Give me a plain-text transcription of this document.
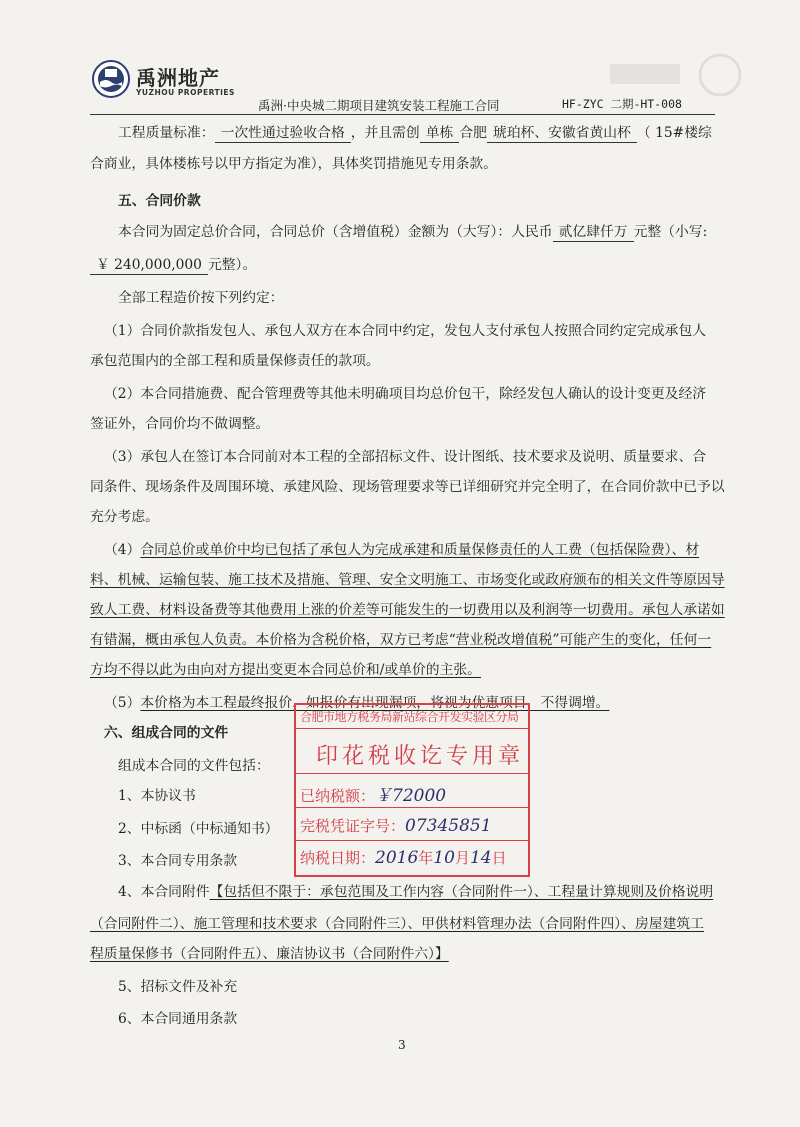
禹洲地产
YUZHOU PROPERTIES
禹洲·中央城二期项目建筑安装工程施工合同	HF-ZYC 二期-HT-008
工程质量标准： 一次性通过验收合格 ，并且需创 单栋 合肥 琥珀杯、安徽省黄山杯 （ 15#楼综
合商业，具体楼栋号以甲方指定为准），具体奖罚措施见专用条款。
五、合同价款
本合同为固定总价合同，合同总价（含增值税）金额为（大写）：人民币 贰亿肆仟万 元整（小写:
￥ 240,000,000 元整）。
全部工程造价按下列约定：
（1）合同价款指发包人、承包人双方在本合同中约定，发包人支付承包人按照合同约定完成承包人
承包范围内的全部工程和质量保修责任的款项。
（2）本合同措施费、配合管理费等其他未明确项目均总价包干，除经发包人确认的设计变更及经济
签证外，合同价均不做调整。
（3）承包人在签订本合同前对本工程的全部招标文件、设计图纸、技术要求及说明、质量要求、合
同条件、现场条件及周围环境、承建风险、现场管理要求等已详细研究并完全明了，在合同价款中已予以
充分考虑。
（4）合同总价或单价中均已包括了承包人为完成承建和质量保修责任的人工费（包括保险费）、材
料、机械、运输包装、施工技术及措施、管理、安全文明施工、市场变化或政府颁布的相关文件等原因导
致人工费、材料设备费等其他费用上涨的价差等可能发生的一切费用以及利润等一切费用。承包人承诺如
有错漏，概由承包人负责。本价格为含税价格，双方已考虑“营业税改增值税”可能产生的变化，任何一
方均不得以此为由向对方提出变更本合同总价和/或单价的主张。
（5）本价格为本工程最终报价，如报价有出现漏项，将视为优惠项目，不得调增。
六、组成合同的文件
组成本合同的文件包括：
1、本协议书
2、中标函（中标通知书）
3、本合同专用条款
4、本合同附件【包括但不限于：承包范围及工作内容（合同附件一）、工程量计算规则及价格说明
（合同附件二）、施工管理和技术要求（合同附件三）、甲供材料管理办法（合同附件四）、房屋建筑工
程质量保修书（合同附件五）、廉洁协议书（合同附件六）】
5、招标文件及补充
6、本合同通用条款
合肥市地方税务局新站综合开发实验区分局
印花税收讫专用章
已纳税额：￥72000
完税凭证字号：07345851
纳税日期：2016年10月14日
3
